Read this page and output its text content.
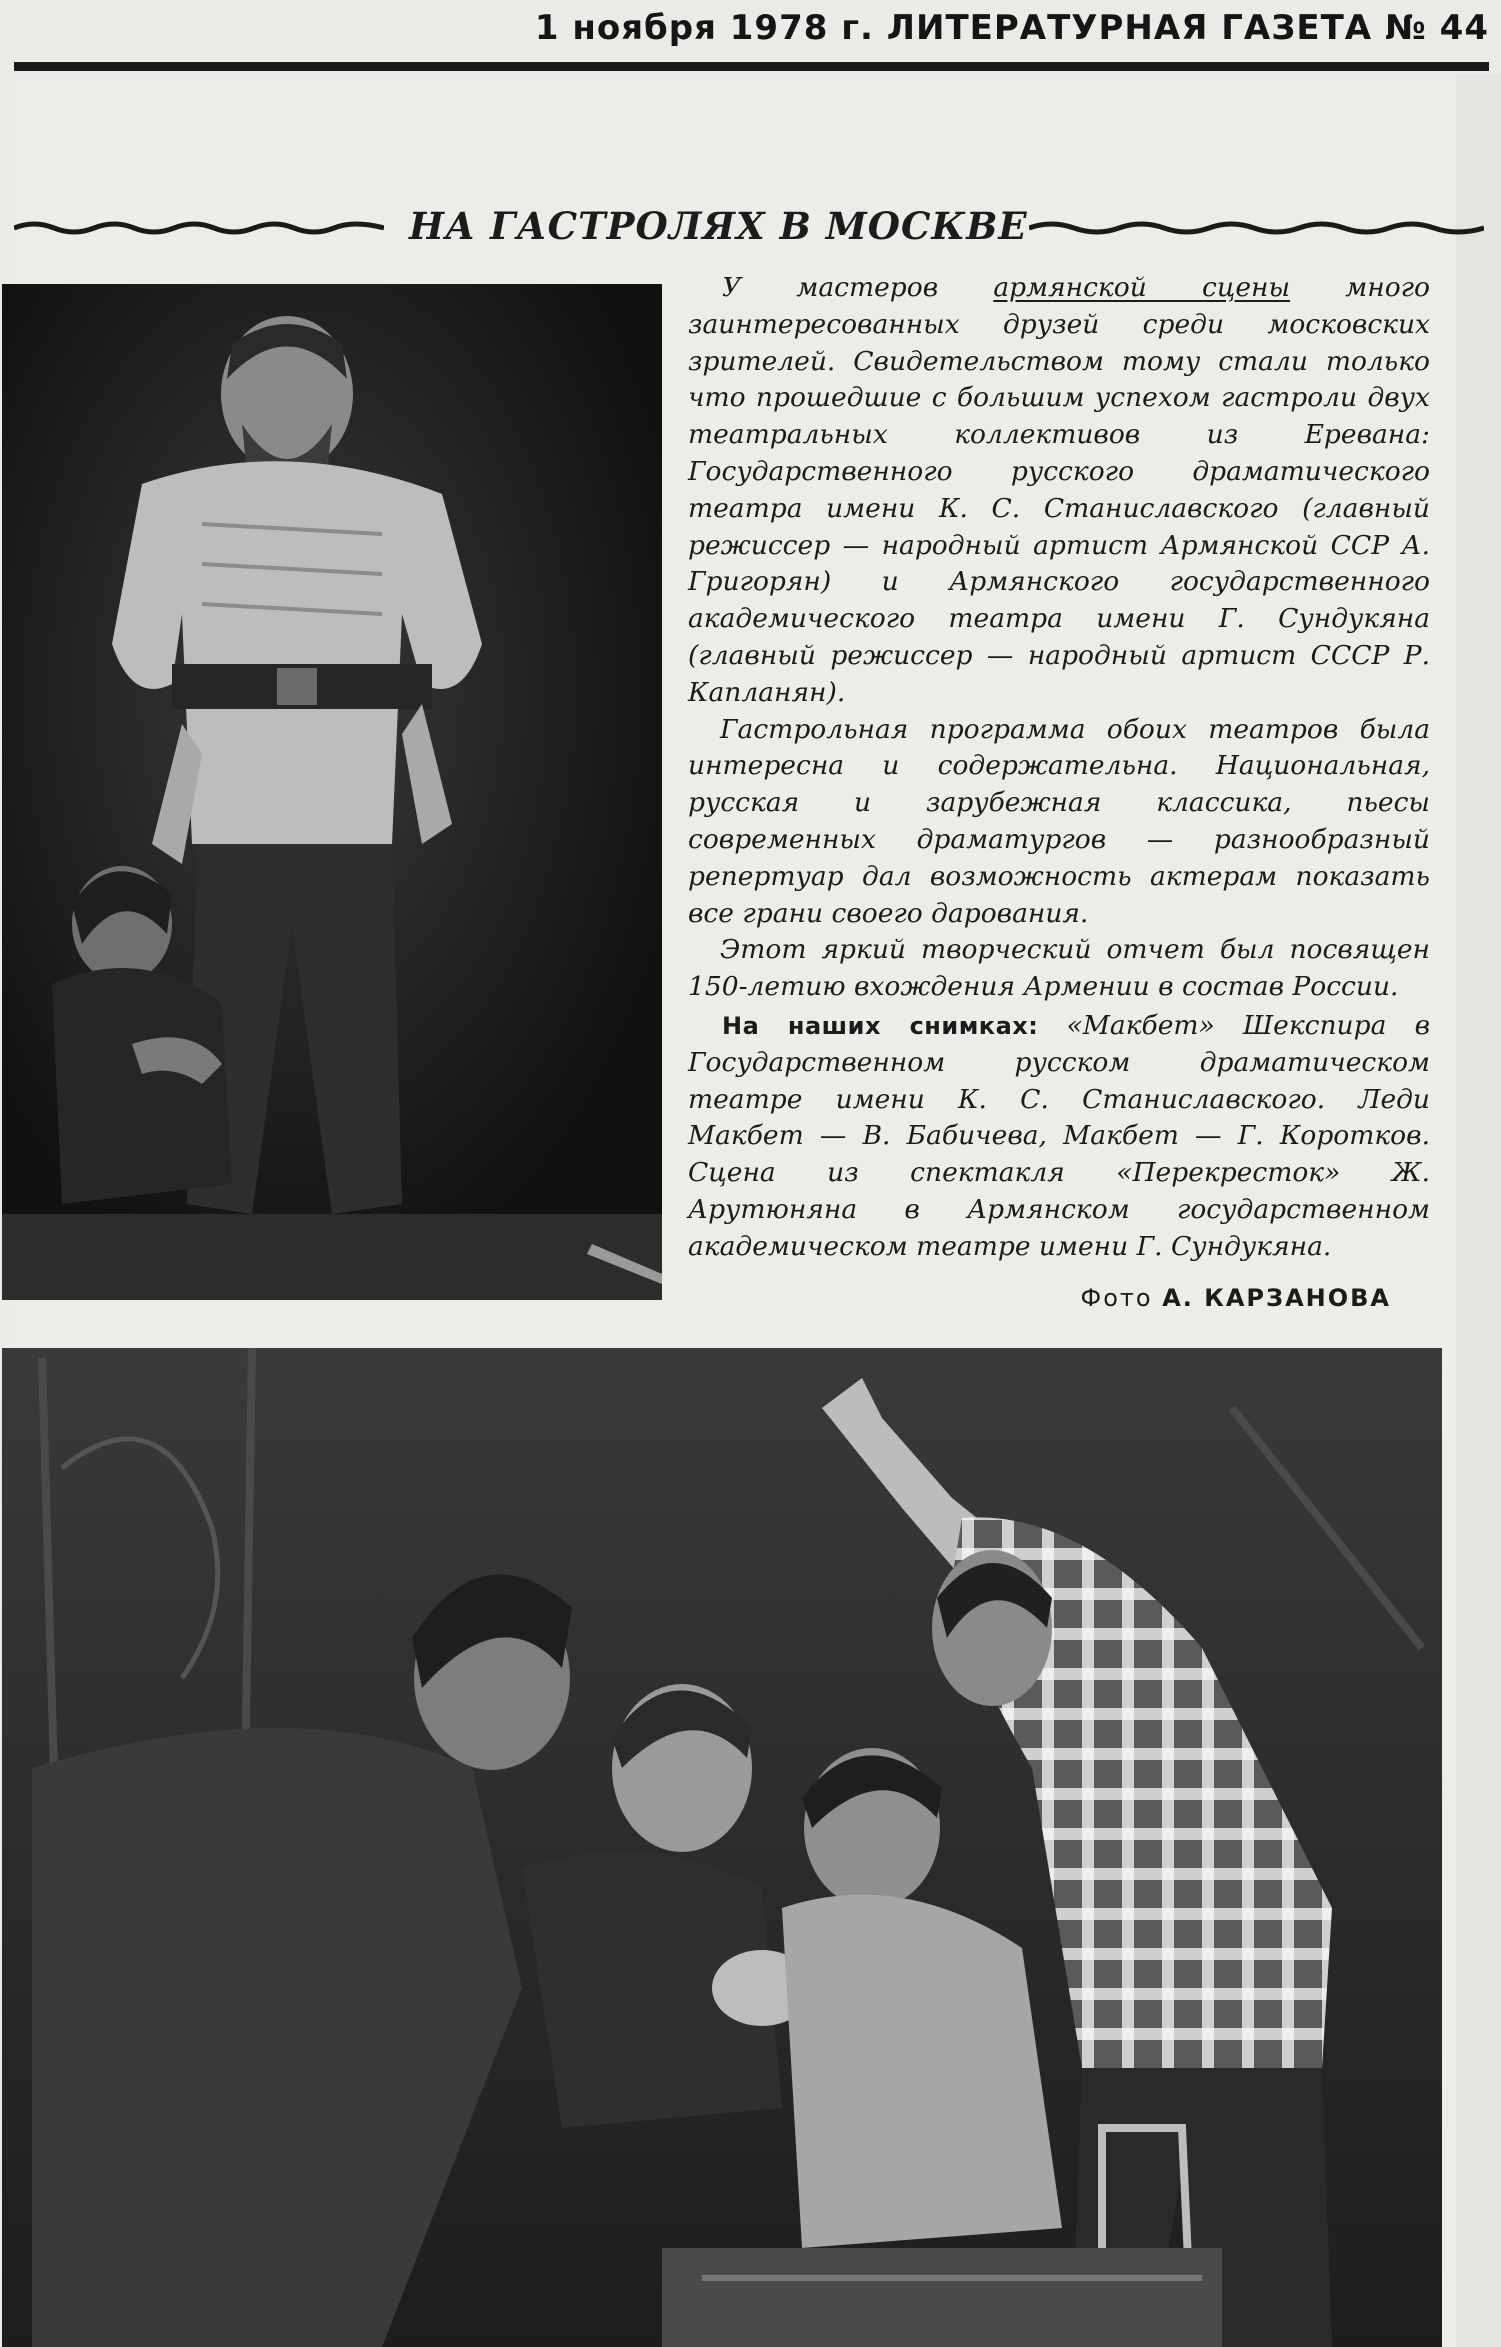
1 ноября 1978 г. ЛИТЕРАТУРНАЯ ГАЗЕТА № 44
НА ГАСТРОЛЯХ В МОСКВЕ

У мастеров армянской сцены много заинтересованных друзей среди московских зрителей. Свидетельством тому стали только что прошедшие с большим успехом гастроли двух театральных коллективов из Еревана: Государственного русского драматического театра имени К. С. Станиславского (главный режиссер — народный артист Армянской ССР А. Григорян) и Армянского государственного академического театра имени Г. Сундукяна (главный режиссер — народный артист СССР Р. Капланян).

Гастрольная программа обоих театров была интересна и содержательна. Национальная, русская и зарубежная классика, пьесы современных драматургов — разнообразный репертуар дал возможность актерам показать все грани своего дарования.

Этот яркий творческий отчет был посвящен 150-летию вхождения Армении в состав России.

На наших снимках: «Макбет» Шекспира в Государственном русском драматическом театре имени К. С. Станиславского. Леди Макбет — В. Бабичева, Макбет — Г. Коротков. Сцена из спектакля «Перекресток» Ж. Арутюняна в Армянском государственном академическом театре имени Г. Сундукяна.
Фото А. КАРЗАНОВА
